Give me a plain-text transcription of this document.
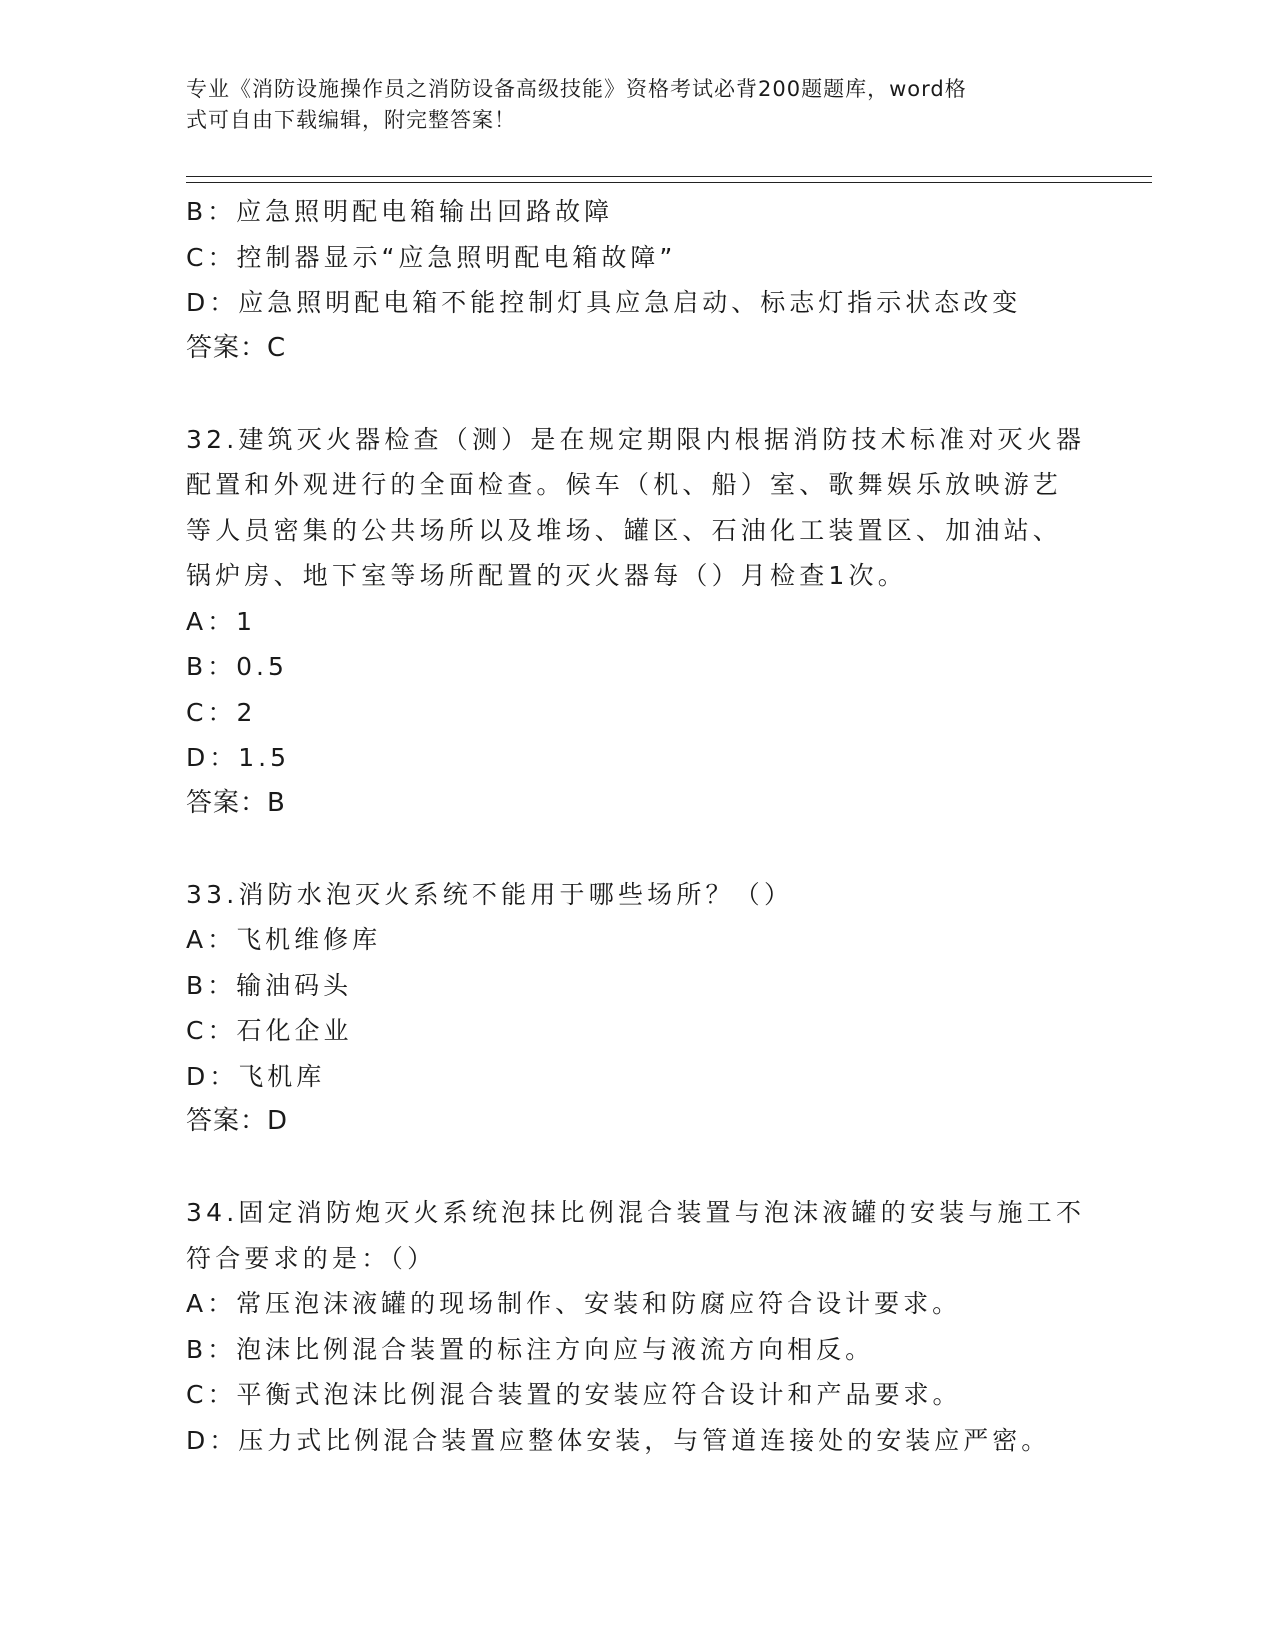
专业《消防设施操作员之消防设备高级技能》资格考试必背200题题库，word格
式可自由下载编辑，附完整答案！
B：应急照明配电箱输出回路故障
C：控制器显示“应急照明配电箱故障”
D：应急照明配电箱不能控制灯具应急启动、标志灯指示状态改变
答案：C
32.建筑灭火器检查（测）是在规定期限内根据消防技术标准对灭火器
配置和外观进行的全面检查。候车（机、船）室、歌舞娱乐放映游艺
等人员密集的公共场所以及堆场、罐区、石油化工装置区、加油站、
锅炉房、地下室等场所配置的灭火器每（）月检查1次。
A：1
B：0.5
C：2
D：1.5
答案：B
33.消防水泡灭火系统不能用于哪些场所？（）
A：飞机维修库
B：输油码头
C：石化企业
D：飞机库
答案：D
34.固定消防炮灭火系统泡抹比例混合装置与泡沫液罐的安装与施工不
符合要求的是：（）
A：常压泡沫液罐的现场制作、安装和防腐应符合设计要求。
B：泡沫比例混合装置的标注方向应与液流方向相反。
C：平衡式泡沫比例混合装置的安装应符合设计和产品要求。
D：压力式比例混合装置应整体安装，与管道连接处的安装应严密。
